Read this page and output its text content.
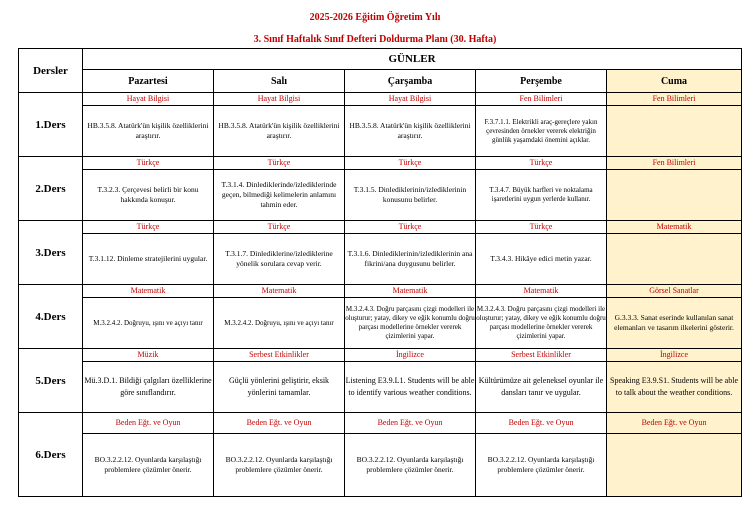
2025-2026 Eğitim Öğretim Yılı
3. Sınıf Haftalık Sınıf Defteri Doldurma Planı (30. Hafta)
Dersler	GÜNLER				
	Pazartesi	Salı	Çarşamba	Perşembe	Cuma
1.Ders	Hayat Bilgisi	Hayat Bilgisi	Hayat Bilgisi	Fen Bilimleri	Fen Bilimleri
	HB.3.5.8. Atatürk'ün kişilik özelliklerini araştırır.	HB.3.5.8. Atatürk'ün kişilik özelliklerini araştırır.	HB.3.5.8. Atatürk'ün kişilik özelliklerini araştırır.	F.3.7.1.1. Elektrikli araç-gereçlere yakın çevresinden örnekler vererek elektriğin günlük yaşamdaki önemini açıklar.	
2.Ders	Türkçe	Türkçe	Türkçe	Türkçe	Fen Bilimleri
	T.3.2.3. Çerçevesi belirli bir konu hakkında konuşur.	T.3.1.4. Dinlediklerinde/izlediklerinde geçen, bilmediği kelimelerin anlamını tahmin eder.	T.3.1.5. Dinlediklerinin/izlediklerinin konusunu belirler.	T.3.4.7. Büyük harfleri ve noktalama işaretlerini uygun yerlerde kullanır.	
3.Ders	Türkçe	Türkçe	Türkçe	Türkçe	Matematik
	T.3.1.12. Dinleme stratejilerini uygular.	T.3.1.7. Dinlediklerine/izlediklerine yönelik sorulara cevap verir.	T.3.1.6. Dinlediklerinin/izlediklerinin ana fikrini/ana duygusunu belirler.	T.3.4.3. Hikâye edici metin yazar.	
4.Ders	Matematik	Matematik	Matematik	Matematik	Görsel Sanatlar
	M.3.2.4.2. Doğruyu, ışını ve açıyı tanır	M.3.2.4.2. Doğruyu, ışını ve açıyı tanır	M.3.2.4.3. Doğru parçasını çizgi modelleri ile oluşturur; yatay, dikey ve eğik konumlu doğru parçası modellerine örnekler vererek çizimlerini yapar.	M.3.2.4.3. Doğru parçasını çizgi modelleri ile oluşturur; yatay, dikey ve eğik konumlu doğru parçası modellerine örnekler vererek çizimlerini yapar.	G.3.3.3. Sanat eserinde kullanılan sanat elemanları ve tasarım ilkelerini gösterir.
5.Ders	Müzik	Serbest Etkinlikler	İngilizce	Serbest Etkinlikler	İngilizce
	Mü.3.D.1. Bildiği çalgıları özelliklerine göre sınıflandırır.	Güçlü yönlerini geliştirir, eksik yönlerini tamamlar.	Listening E3.9.L1. Students will be able to identify various weather conditions.	Kültürümüze ait geleneksel oyunlar ile dansları tanır ve uygular.	Speaking E3.9.S1. Students will be able to talk about the weather conditions.
6.Ders	Beden Eğt. ve Oyun	Beden Eğt. ve Oyun	Beden Eğt. ve Oyun	Beden Eğt. ve Oyun	Beden Eğt. ve Oyun
	BO.3.2.2.12. Oyunlarda karşılaştığı problemlere çözümler önerir.	BO.3.2.2.12. Oyunlarda karşılaştığı problemlere çözümler önerir.	BO.3.2.2.12. Oyunlarda karşılaştığı problemlere çözümler önerir.	BO.3.2.2.12. Oyunlarda karşılaştığı problemlere çözümler önerir.	
